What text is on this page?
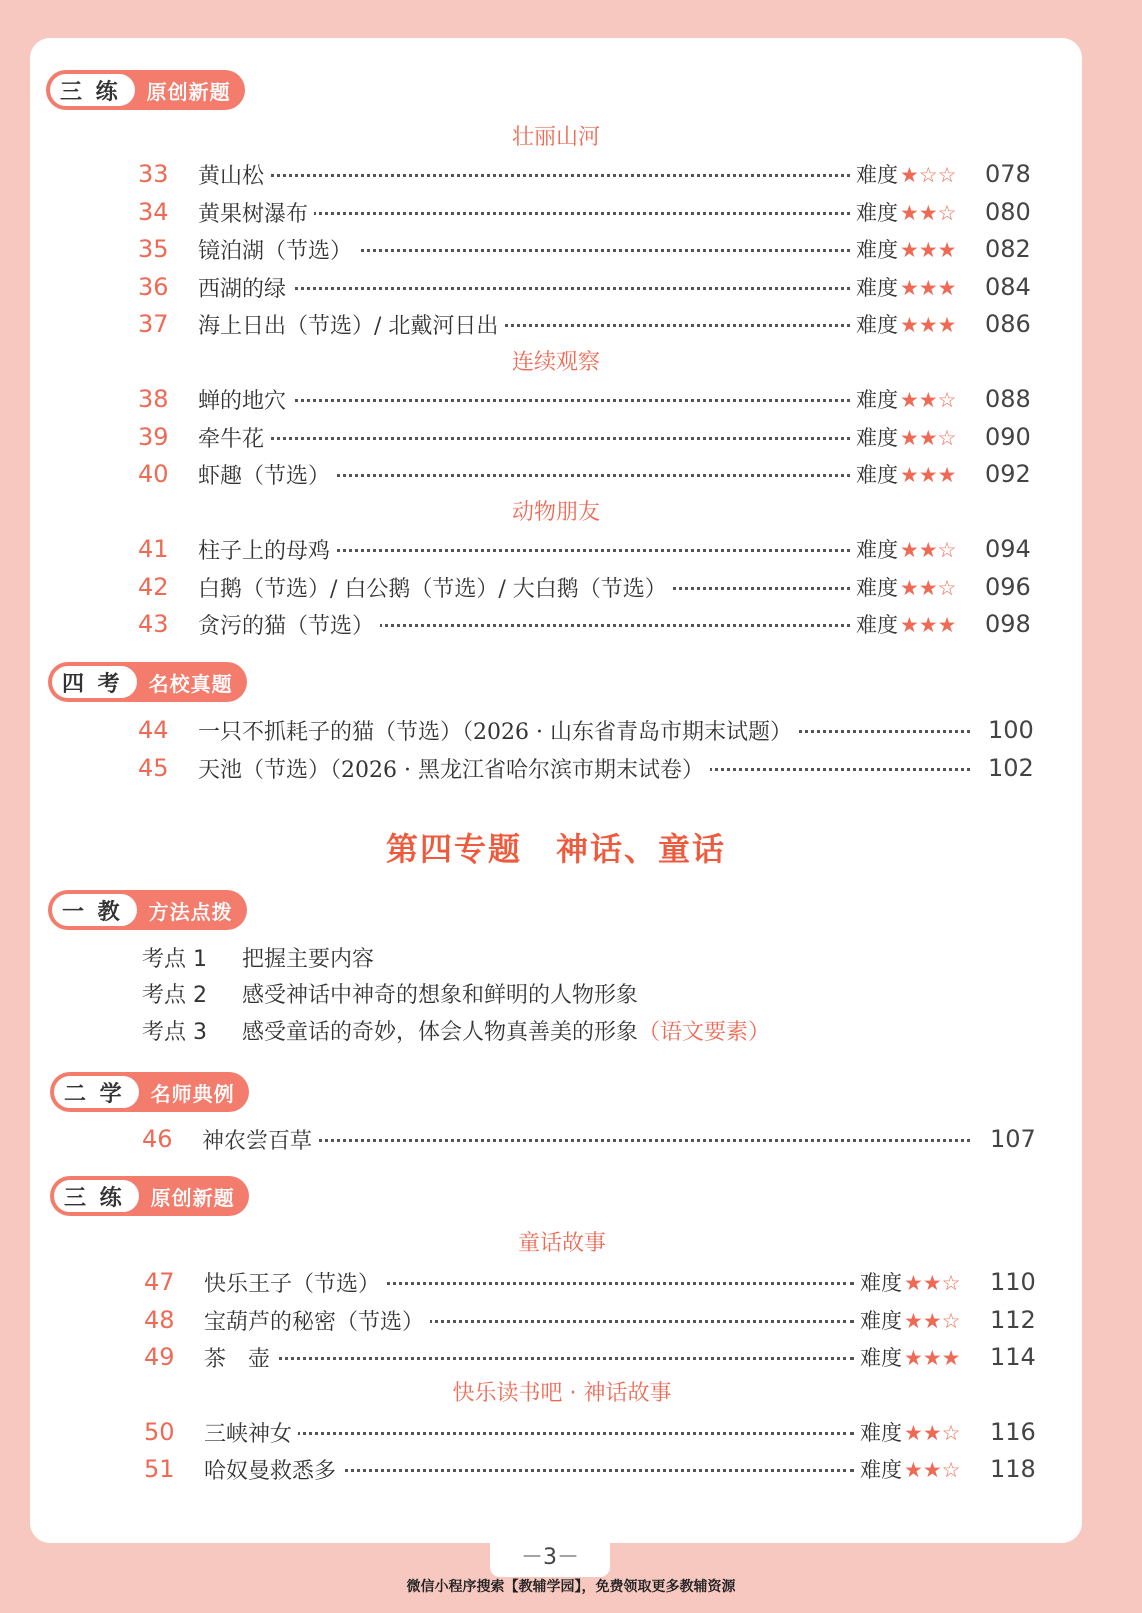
三 练	原创新题
壮丽山河
33	黄山松	难度★☆☆ 078
34	黄果树瀑布	难度★★☆ 080
35	镜泊湖（节选）	难度★★★ 082
36	西湖的绿	难度★★★ 084
37	海上日出（节选）/ 北戴河日出	难度★★★ 086
连续观察
38	蝉的地穴	难度★★☆ 088
39	牵牛花	难度★★☆ 090
40	虾趣（节选）	难度★★★ 092
动物朋友
41	柱子上的母鸡	难度★★☆ 094
42	白鹅（节选）/ 白公鹅（节选）/ 大白鹅（节选）	难度★★☆ 096
43	贪污的猫（节选）	难度★★★ 098
四 考	名校真题
44	一只不抓耗子的猫（节选）（2026 · 山东省青岛市期末试题）	100
45	天池（节选）（2026 · 黑龙江省哈尔滨市期末试卷）	102
第四专题　神话、童话
一 教	方法点拨
考点 1 把握主要内容
考点 2 感受神话中神奇的想象和鲜明的人物形象
考点 3 感受童话的奇妙，体会人物真善美的形象（语文要素）
二 学	名师典例
46	神农尝百草	107
三 练	原创新题
童话故事
47	快乐王子（节选）	难度★★☆ 110
48	宝葫芦的秘密（节选）	难度★★☆ 112
49	茶　壶	难度★★★ 114
快乐读书吧 · 神话故事
50	三峡神女	难度★★☆ 116
51	哈奴曼救悉多	难度★★☆ 118
－3－
微信小程序搜索【教辅学园】，免费领取更多教辅资源
